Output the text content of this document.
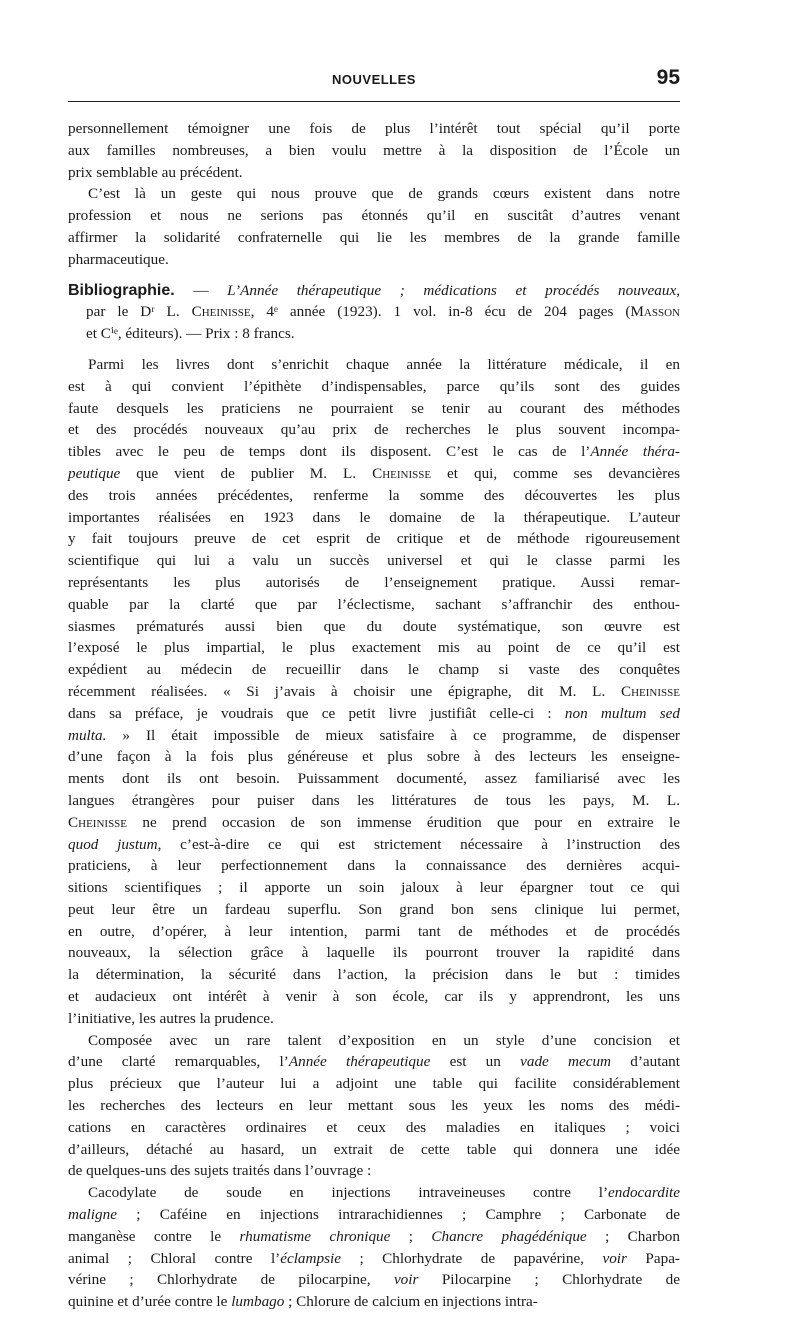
NOUVELLES	95
personnellement témoigner une fois de plus l’intérêt tout spécial qu’il porte
aux familles nombreuses, a bien voulu mettre à la disposition de l’École un
prix semblable au précédent.
C’est là un geste qui nous prouve que de grands cœurs existent dans notre
profession et nous ne serions pas étonnés qu’il en suscitât d’autres venant
affirmer la solidarité confraternelle qui lie les membres de la grande famille
pharmaceutique.
Bibliographie. — L’Année thérapeutique ; médications et procédés nouveaux,
par le Dʳ L. Cheinisse, 4ᵉ année (1923). 1 vol. in-8 écu de 204 pages (Masson
et Cⁱᵉ, éditeurs). — Prix : 8 francs.
Parmi les livres dont s’enrichit chaque année la littérature médicale, il en
est à qui convient l’épithète d’indispensables, parce qu’ils sont des guides
faute desquels les praticiens ne pourraient se tenir au courant des méthodes
et des procédés nouveaux qu’au prix de recherches le plus souvent incompa-
tibles avec le peu de temps dont ils disposent. C’est le cas de l’Année théra-
peutique que vient de publier M. L. Cheinisse et qui, comme ses devancières
des trois années précédentes, renferme la somme des découvertes les plus
importantes réalisées en 1923 dans le domaine de la thérapeutique. L’auteur
y fait toujours preuve de cet esprit de critique et de méthode rigoureusement
scientifique qui lui a valu un succès universel et qui le classe parmi les
représentants les plus autorisés de l’enseignement pratique. Aussi remar-
quable par la clarté que par l’éclectisme, sachant s’affranchir des enthou-
siasmes prématurés aussi bien que du doute systématique, son œuvre est
l’exposé le plus impartial, le plus exactement mis au point de ce qu’il est
expédient au médecin de recueillir dans le champ si vaste des conquêtes
récemment réalisées. « Si j’avais à choisir une épigraphe, dit M. L. Cheinisse
dans sa préface, je voudrais que ce petit livre justifiât celle-ci : non multum sed
multa. » Il était impossible de mieux satisfaire à ce programme, de dispenser
d’une façon à la fois plus généreuse et plus sobre à des lecteurs les enseigne-
ments dont ils ont besoin. Puissamment documenté, assez familiarisé avec les
langues étrangères pour puiser dans les littératures de tous les pays, M. L.
Cheinisse ne prend occasion de son immense érudition que pour en extraire le
quod justum, c’est-à-dire ce qui est strictement nécessaire à l’instruction des
praticiens, à leur perfectionnement dans la connaissance des dernières acqui-
sitions scientifiques ; il apporte un soin jaloux à leur épargner tout ce qui
peut leur être un fardeau superflu. Son grand bon sens clinique lui permet,
en outre, d’opérer, à leur intention, parmi tant de méthodes et de procédés
nouveaux, la sélection grâce à laquelle ils pourront trouver la rapidité dans
la détermination, la sécurité dans l’action, la précision dans le but : timides
et audacieux ont intérêt à venir à son école, car ils y apprendront, les uns
l’initiative, les autres la prudence.
Composée avec un rare talent d’exposition en un style d’une concision et
d’une clarté remarquables, l’Année thérapeutique est un vade mecum d’autant
plus précieux que l’auteur lui a adjoint une table qui facilite considérablement
les recherches des lecteurs en leur mettant sous les yeux les noms des médi-
cations en caractères ordinaires et ceux des maladies en italiques ; voici
d’ailleurs, détaché au hasard, un extrait de cette table qui donnera une idée
de quelques-uns des sujets traités dans l’ouvrage :
Cacodylate de soude en injections intraveineuses contre l’endocardite
maligne ; Caféine en injections intrarachidiennes ; Camphre ; Carbonate de
manganèse contre le rhumatisme chronique ; Chancre phagédénique ; Charbon
animal ; Chloral contre l’éclampsie ; Chlorhydrate de papavérine, voir Papa-
vérine ; Chlorhydrate de pilocarpine, voir Pilocarpine ; Chlorhydrate de
quinine et d’urée contre le lumbago ; Chlorure de calcium en injections intra-
